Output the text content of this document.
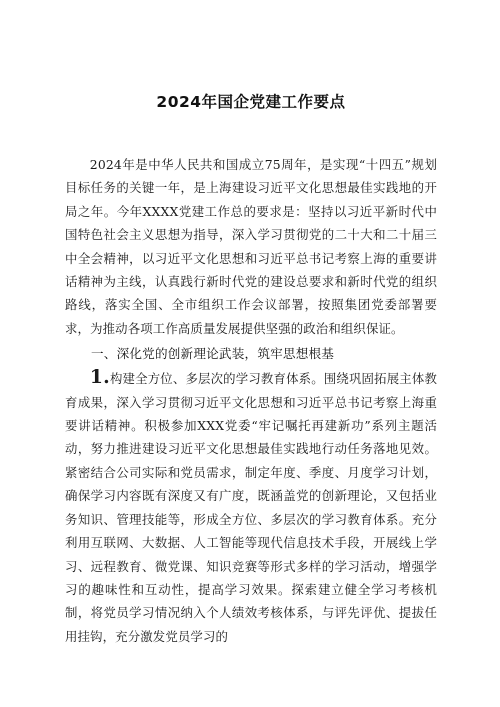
2024年国企党建工作要点
2024年是中华人民共和国成立75周年，是实现“十四五”规划目标任务的关键一年，是上海建设习近平文化思想最佳实践地的开局之年。今年XXXX党建工作总的要求是：坚持以习近平新时代中国特色社会主义思想为指导，深入学习贯彻党的二十大和二十届三中全会精神，以习近平文化思想和习近平总书记考察上海的重要讲话精神为主线，认真践行新时代党的建设总要求和新时代党的组织路线，落实全国、全市组织工作会议部署，按照集团党委部署要求，为推动各项工作高质量发展提供坚强的政治和组织保证。
一、深化党的创新理论武装，筑牢思想根基
1.构建全方位、多层次的学习教育体系。围绕巩固拓展主体教育成果，深入学习贯彻习近平文化思想和习近平总书记考察上海重要讲话精神。积极参加XXX党委“牢记嘱托再建新功”系列主题活动，努力推进建设习近平文化思想最佳实践地行动任务落地见效。紧密结合公司实际和党员需求，制定年度、季度、月度学习计划，确保学习内容既有深度又有广度，既涵盖党的创新理论，又包括业务知识、管理技能等，形成全方位、多层次的学习教育体系。充分利用互联网、大数据、人工智能等现代信息技术手段，开展线上学习、远程教育、微党课、知识竞赛等形式多样的学习活动，增强学习的趣味性和互动性，提高学习效果。探索建立健全学习考核机制，将党员学习情况纳入个人绩效考核体系，与评先评优、提拔任用挂钩，充分激发党员学习的
